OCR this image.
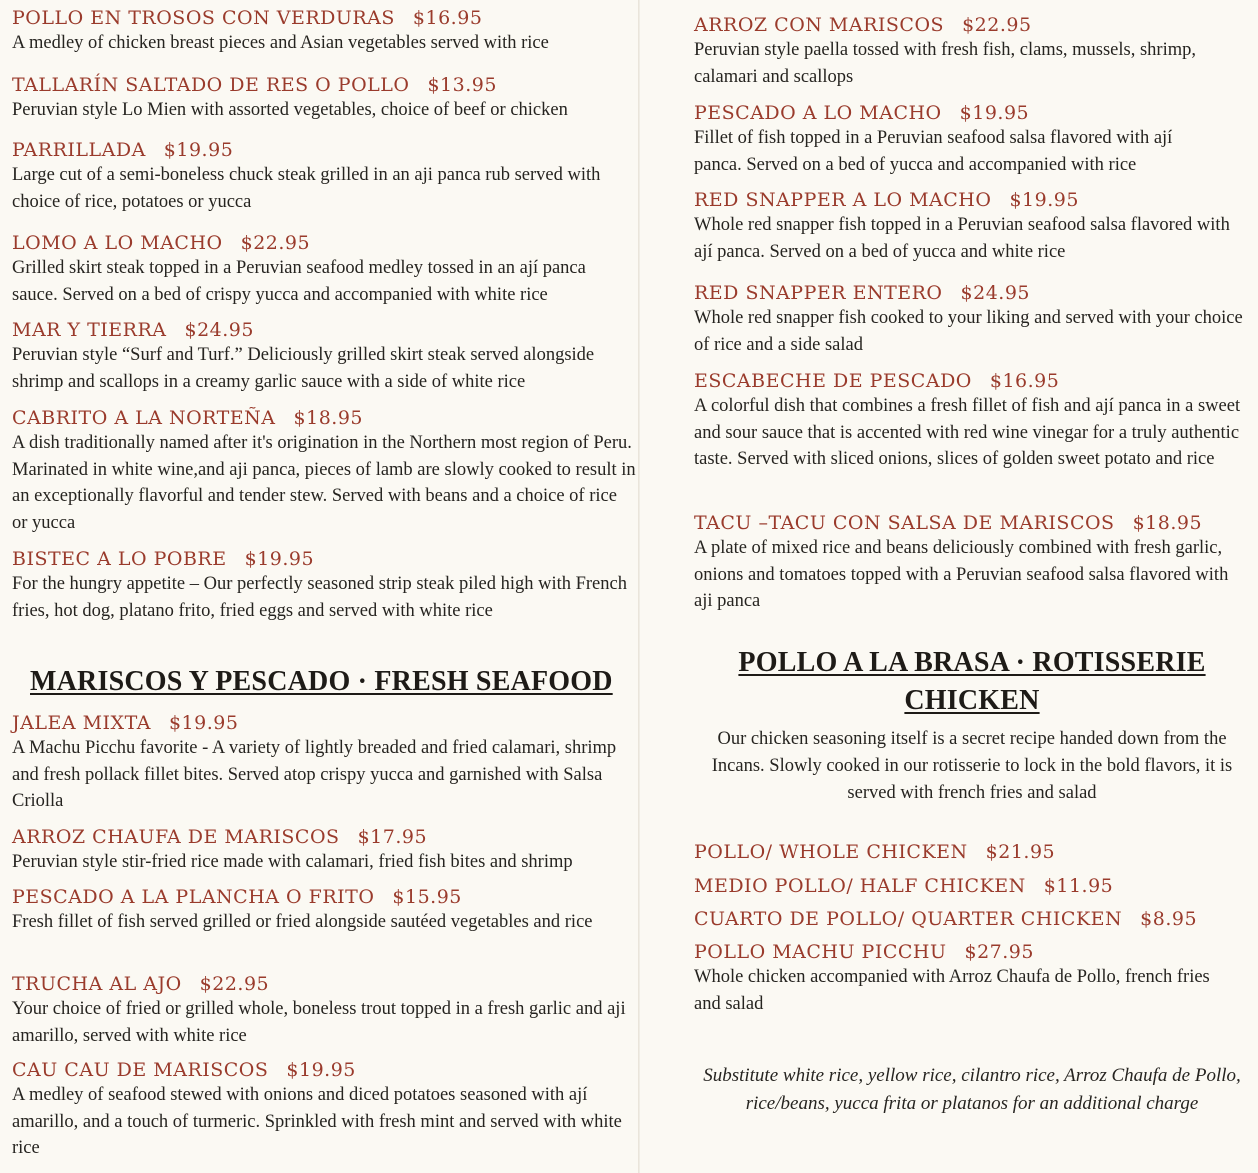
POLLO EN TROSOS CON VERDURAS $16.95
A medley of chicken breast pieces and Asian vegetables served with rice
TALLARÍN SALTADO DE RES O POLLO $13.95
Peruvian style Lo Mien with assorted vegetables, choice of beef or chicken
PARRILLADA $19.95
Large cut of a semi-boneless chuck steak grilled in an aji panca rub served with choice of rice, potatoes or yucca
LOMO A LO MACHO $22.95
Grilled skirt steak topped in a Peruvian seafood medley tossed in an ají panca sauce. Served on a bed of crispy yucca and accompanied with white rice
MAR Y TIERRA $24.95
Peruvian style “Surf and Turf.” Deliciously grilled skirt steak served alongside shrimp and scallops in a creamy garlic sauce with a side of white rice
CABRITO A LA NORTEÑA $18.95
A dish traditionally named after it's origination in the Northern most region of Peru. Marinated in white wine,and aji panca, pieces of lamb are slowly cooked to result in an exceptionally flavorful and tender stew. Served with beans and a choice of rice or yucca
BISTEC A LO POBRE $19.95
For the hungry appetite – Our perfectly seasoned strip steak piled high with French fries, hot dog, platano frito, fried eggs and served with white rice
MARISCOS Y PESCADO · FRESH SEAFOOD
JALEA MIXTA $19.95
A Machu Picchu favorite - A variety of lightly breaded and fried calamari, shrimp and fresh pollack fillet bites. Served atop crispy yucca and garnished with Salsa Criolla
ARROZ CHAUFA DE MARISCOS $17.95
Peruvian style stir-fried rice made with calamari, fried fish bites and shrimp
PESCADO A LA PLANCHA O FRITO $15.95
Fresh fillet of fish served grilled or fried alongside sautéed vegetables and rice
TRUCHA AL AJO $22.95
Your choice of fried or grilled whole, boneless trout topped in a fresh garlic and aji amarillo, served with white rice
CAU CAU DE MARISCOS $19.95
A medley of seafood stewed with onions and diced potatoes seasoned with ají amarillo, and a touch of turmeric. Sprinkled with fresh mint and served with white rice
ARROZ CON MARISCOS $22.95
Peruvian style paella tossed with fresh fish, clams, mussels, shrimp, calamari and scallops
PESCADO A LO MACHO $19.95
Fillet of fish topped in a Peruvian seafood salsa flavored with ají panca. Served on a bed of yucca and accompanied with rice
RED SNAPPER A LO MACHO $19.95
Whole red snapper fish topped in a Peruvian seafood salsa flavored with ají panca. Served on a bed of yucca and white rice
RED SNAPPER ENTERO $24.95
Whole red snapper fish cooked to your liking and served with your choice of rice and a side salad
ESCABECHE DE PESCADO $16.95
A colorful dish that combines a fresh fillet of fish and ají panca in a sweet and sour sauce that is accented with red wine vinegar for a truly authentic taste. Served with sliced onions, slices of golden sweet potato and rice
TACU –TACU CON SALSA DE MARISCOS $18.95
A plate of mixed rice and beans deliciously combined with fresh garlic, onions and tomatoes topped with a Peruvian seafood salsa flavored with aji panca
POLLO A LA BRASA · ROTISSERIE
CHICKEN
Our chicken seasoning itself is a secret recipe handed down from the Incans. Slowly cooked in our rotisserie to lock in the bold flavors, it is served with french fries and salad
POLLO/ WHOLE CHICKEN $21.95
MEDIO POLLO/ HALF CHICKEN $11.95
CUARTO DE POLLO/ QUARTER CHICKEN $8.95
POLLO MACHU PICCHU $27.95
Whole chicken accompanied with Arroz Chaufa de Pollo, french fries and salad
Substitute white rice, yellow rice, cilantro rice, Arroz Chaufa de Pollo, rice/beans, yucca frita or platanos for an additional charge
